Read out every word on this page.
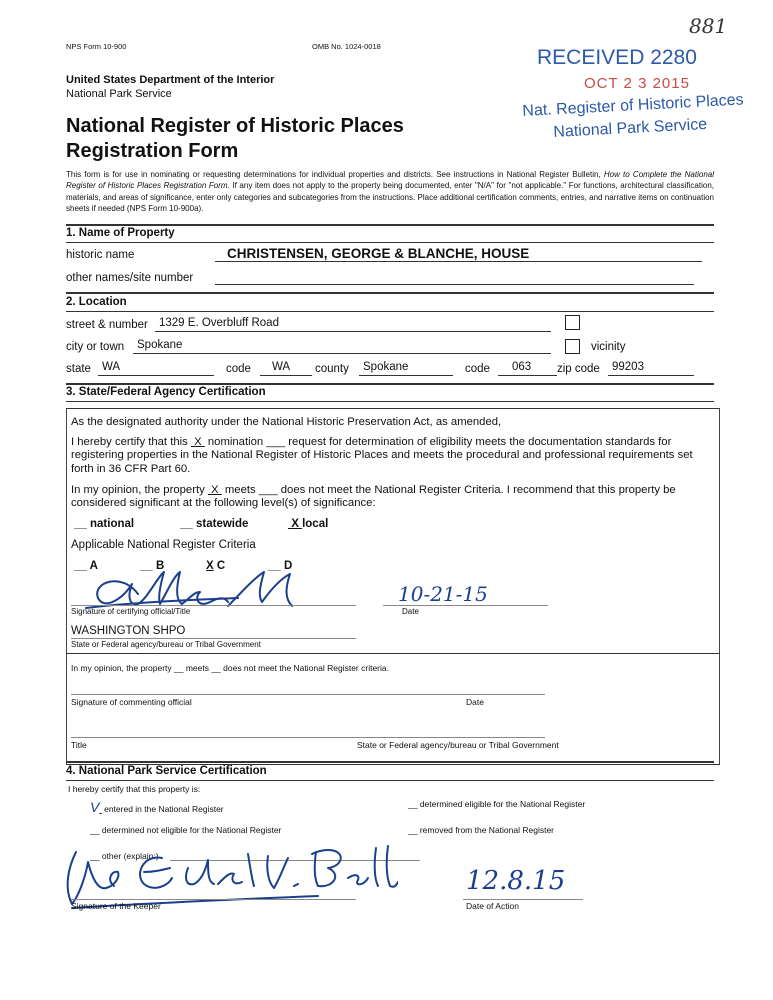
NPS Form 10-900	OMB No. 1024-0018
United States Department of the Interior
National Park Service
National Register of Historic Places
Registration Form
881
RECEIVED 2280
OCT 2 3 2015
Nat. Register of Historic Places
National Park Service
This form is for use in nominating or requesting determinations for individual properties and districts. See instructions in National Register Bulletin, How to Complete the National Register of Historic Places Registration Form. If any item does not apply to the property being documented, enter "N/A" for "not applicable." For functions, architectural classification, materials, and areas of significance, enter only categories and subcategories from the instructions. Place additional certification comments, entries, and narrative items on continuation sheets if needed (NPS Form 10-900a).
1. Name of Property
historic name	CHRISTENSEN, GEORGE & BLANCHE, HOUSE
other names/site number
2. Location
street & number 1329 E. Overbluff Road
city or town	Spokane	vicinity
state WA	code	WA	county	Spokane	code	063	zip code	99203
3. State/Federal Agency Certification
As the designated authority under the National Historic Preservation Act, as amended,
I hereby certify that this  X  nomination ___ request for determination of eligibility meets the documentation standards for registering properties in the National Register of Historic Places and meets the procedural and professional requirements set forth in 36 CFR Part 60.
In my opinion, the property  X  meets ___ does not meet the National Register Criteria. I recommend that this property be considered significant at the following level(s) of significance:
__ national	__ statewide	X local
Applicable National Register Criteria
__ A	__ B	X C	__ D
Signature of certifying official/Title	Date
10-21-15
WASHINGTON SHPO
State or Federal agency/bureau or Tribal Government
In my opinion, the property __ meets __ does not meet the National Register criteria.
Signature of commenting official	Date
Title	State or Federal agency/bureau or Tribal Government
4. National Park Service Certification
I hereby certify that this property is:
V entered in the National Register	__ determined eligible for the National Register
__ determined not eligible for the National Register	__ removed from the National Register
__ other (explain:)
Signature of the Keeper	Date of Action
12.8.15
